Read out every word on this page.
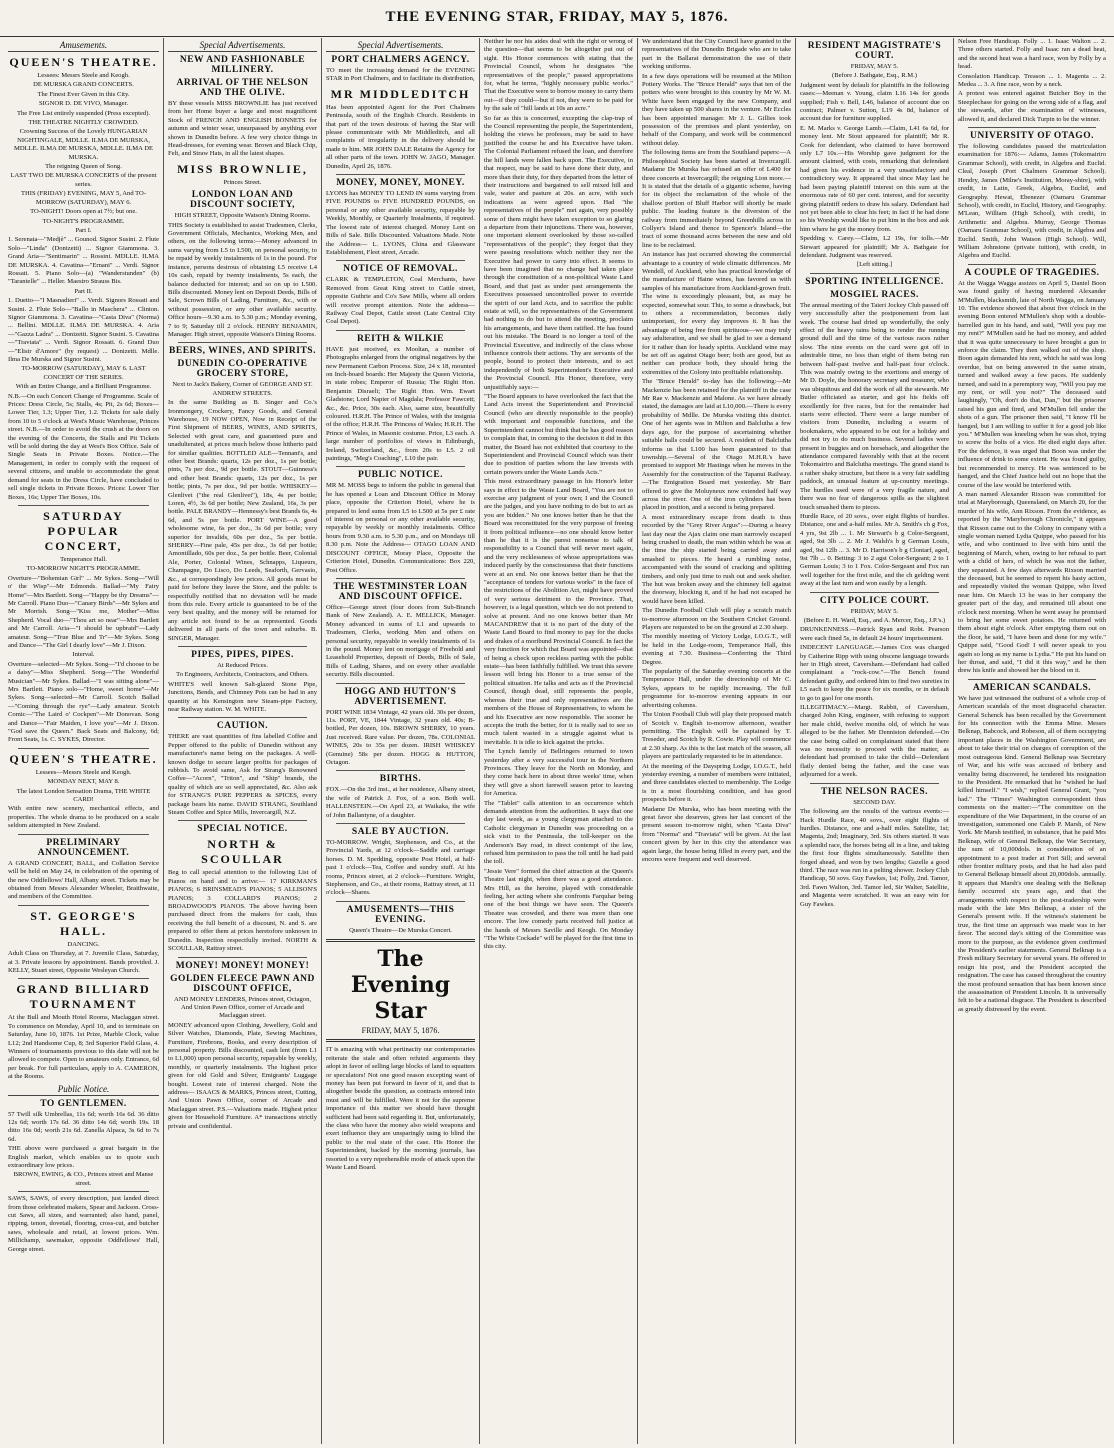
THE EVENING STAR, FRIDAY, MAY 5, 1876.
Amusements.
QUEEN'S THEATRE.
Lessees: Messrs Steele and Keogh.
DE MURSKA GRAND CONCERTS.
The Finest Ever Given in this City.
SIGNOR D. DE VIVO, Manager.
The Free List entirely suspended (Press excepted).
THE THEATRE NIGHTLY CROWDED.
Crowning Success of the Lovely HUNGARIAN NIGHTINGALE, MDLLE. ILMA DE MURSKA, MDLLE. ILMA DE MURSKA, MDLLE. ILMA DE MURSKA.
The reigning Queen of Song.
LAST TWO DE MURSKA CONCERTS of the present series.
THIS (FRIDAY) EVENING, MAY 5, And TO-MORROW (SATURDAY), MAY 6.
TO-NIGHT! Doors open at 7½; but one.
TO-NIGHT'S PROGRAMME.
Part I.
1. Serenata—"Medjè" ... Gounod. Signor Susini. 2. Flute Solo—"Linda" (Donizetti) ... Signor Giammona. 3. Grand Aria—"Sentimarin" ... Rossini. MDLLE. ILMA DE MURSKA. 4. Cavatina—"Ernani" ... Verdi. Signor Rossati. 5. Piano Solo—(a) "Wanderstunden" (b) "Tarantelle" ... Heller. Maestro Strauss Bis.
Part II.
1. Duetto—"I Masnadieri" ... Verdi. Signors Rossati and Susini. 2. Flute Solo—"Ballo in Maschera" ... Clinton. Signor Giammona. 3. Cavatina—"Casta Diva" (Norma) ... Bellini. MDLLE. ILMA DE MURSKA. 4. Aria—"Gazza Ladra" ... Donizetti. Signor Susini. 5. Cavatina—"Traviata" ... Verdi. Signor Rossati. 6. Grand Duo—"Elisir d'Amore" (by request) ... Donizetti. Mdlle. Ilma De Murska and Signor Susini.
TO-MORROW (SATURDAY), MAY 6. LAST CONCERT OF THE SERIES.
With an Entire Change, and a Brilliant Programme.
N.B.—On each Concert Change of Programme. Scale of Prices: Dress Circle, 5s; Stalls, 4s; Pit, 2s 6d; Boxes—Lower Tier, 1.3; Upper Tier, 1.2. Tickets for sale daily from 10 to 5 o'clock at West's Music Warehouse, Princes street. N.B.—In order to avoid the crush at the doors on the evening of the Concerts, the Stalls and Pit Tickets will be sold during the day at West's Box Office. Sale of Single Seats in Private Boxes. Notice.—The Management, in order to comply with the request of several citizens, and unable to accommodate the great demand for seats in the Dress Circle, have concluded to sell single tickets in Private Boxes. Prices: Lower Tier Boxes, 16s; Upper Tier Boxes, 10s.
SATURDAY POPULAR CONCERT,
Temperance Hall.
TO-MORROW NIGHT'S PROGRAMME.
Overture—"Bohemian Girl" ... Mr Sykes. Song—"Will o' the Wisp"—Mr Edmonds. Ballad—"My Fairy Home"—Mrs Bartlett. Song—"Happy be thy Dreams"—Mr Carroll. Piano Duo—"Canary Birds"—Mr Sykes and Mr Morrish. Song—"Kiss me, Mother"—Miss Shepherd. Vocal duo—"Thou art so near"—Mrs Bartlett and Mr Carroll. Aria—"I should be upbraid"—Lady amateur. Song—"True Blue and Tr"—Mr Sykes. Song and Dance—"The Girl I dearly love"—Mr J. Dixon.
Interval.
Overture—selected—Mr Sykes. Song—"I'd choose to be a daisy"—Miss Shepherd. Song—"The Wonderful Musician"—Mr Sykes. Ballad—"I was sitting alone"—Mrs Bartlett. Piano solo—"Home, sweet home"—Mr Sykes. Song—selected—Mr Carroll. Scotch Ballad—"Coming through the rye"—Lady amateur. Scotch Comic—"The Laird o' Cockpen"—Mr Donovan. Song and Dance—"Fair Maiden, I love you"—Mr J. Dixon. "God save the Queen." Back Seats and Balcony, 6d; Front Seats, 1s. C. SYKES, Director.
QUEEN'S THEATRE.
Lessees—Messrs Steele and Keogh.
MONDAY NEXT, MAY 8.
The latest London Sensation Drama, THE WHITE CARD!
With entire new scenery, mechanical effects, and properties. The whole drama to be produced on a scale seldom attempted in New Zealand.
PRELIMINARY ANNOUNCEMENT.
A GRAND CONCERT, BALL, and Collation Service will be held on May 24, in celebration of the opening of the new Oddfellows' Hall, Albany street. Tickets may be obtained from Messrs Alexander Wheeler, Braithwaite, and members of the Committee.
ST. GEORGE'S HALL.
DANCING.
Adult Class on Thursday, at 7. Juvenile Class, Saturday, at 3. Private lessons by appointment. Bands provided. J. KELLY, Stuart street, Opposite Wesleyan Church.
GRAND BILLIARD TOURNAMENT
At the Bull and Mouth Hotel Rooms, Maclaggan street. To commence on Monday, April 10, and to terminate on Saturday, June 10, 1876. 1st Prize, Marble Clock, value L12; 2nd Handsome Cup, 8; 3rd Superior Field Glass, 4. Winners of tournaments previous to this date will not be allowed to compete. Open to amateurs only. Entrance, 6d per break. For full particulars, apply to A. CAMERON, at the Rooms.
Public Notice.
TO GENTLEMEN.
57 Twill silk Umbrellas, 11s 6d; worth 16s 6d. 36 ditto 12s 6d; worth 17s 6d. 36 ditto 14s 6d; worth 19s. 18 ditto 16s 0d; worth 21s 6d. Zanella Alpaca, 3s 6d to 7s 6d.
THE above were purchased a great bargain in the English market, which enables us to quote such extraordinary low prices.
BROWN, EWING, & CO., Princes street and Manse street.
SAWS, SAWS, of every description, just landed direct from those celebrated makers, Spear and Jackson. Cross-cut Saws, all sizes, and warranted; also hand, panel, ripping, tenon, dovetail, flooring, cross-cut, and butcher saws, wholesale and retail, at lowest prices. Wm. Millichamp, sawmaker, opposite Oddfellows' Hall, George street.
Special Advertisements.
NEW AND FASHIONABLE MILLINERY.
ARRIVAL OF THE NELSON AND THE OLIVE.
BY these vessels MISS BROWNLIE has just received from her Home buyer a large and most magnificent Stock of FRENCH AND ENGLISH BONNETS for autumn and winter wear, unsurpassed by anything ever shown in Dunedin before. A few very choice things in Head-dresses, for evening wear. Brown and Black Chip, Felt, and Straw Hats, in all the latest shapes.
MISS BROWNLIE,
Princes Street.
LONDON LOAN AND DISCOUNT SOCIETY,
HIGH STREET, Opposite Watson's Dining Rooms.
THIS Society is established to assist Tradesmen, Clerks, Government Officials, Mechanics, Working Men, and others, on the following terms:—Money advanced in sums varying from L5 to L500, on personal security, to be repaid by weekly instalments of 1s in the pound. For instance, persons desirous of obtaining L5 receive L4 10s cash, repaid by twenty instalments, 5s each, the balance deducted for interest; and so on up to L500. Bills discounted. Money lent on Deposit Deeds, Bills of Sale, Scrown Bills of Lading, Furniture, &c., with or without possession, or any other available security. Office hours—9.30 a.m. to 5.30 p.m.; Monday evening, 7 to 9; Saturday till 2 o'clock. HENRY BENJAMIN, Manager. High street, opposite Watson's Dining Rooms.
BEERS, WINES, AND SPIRITS.
DUNEDIN CO-OPERATIVE GROCERY STORE,
Next to Jack's Bakery, Corner of GEORGE AND ST. ANDREW STREETS.
In the same Building as B. Singer and Co.'s Ironmongery, Crockery, Fancy Goods, and General Warehouse, 19 NOW OPEN, Now in Receipt of the First Shipment of BEERS, WINES, AND SPIRITS, Selected with great care, and guaranteed pure and unadulterated, at prices much below those hitherto paid for similar qualities. BOTTLED ALE—Tennant's, and other best Brands: quarts, 12s per doz., 1s per bottle; pints, 7s per doz., 9d per bottle. STOUT—Guinness's and other best Brands: quarts, 12s per doz., 1s per bottle; pints, 7s per doz., 9d per bottle. WHISKEY—Glenlivet ("the real Glenlivet"), 18s, 4s per bottle; Loren, 4½, 3s 6d per bottle; New Zealand, 16s, 3s per bottle. PALE BRANDY—Hennessy's best Brands 6s, 4s 6d, and 5s per bottle. PORT WINE—A good wholesome wine, 6s per doz., 3s 6d per bottle; very superior for invalids, 60s per doz., 5s per bottle. SHERRY—Fine pale, 45s per doz., 3s 6d per bottle; Amontillado, 60s per doz., 5s per bottle. Beer, Colonial Ale, Porter, Colonial Wines, Schnapps, Liqueurs, Champagne, Do Lisco, Do Leeds, Seaforth, Gervasio, &c., at correspondingly low prices. All goods must be paid for before they leave the Store, and the public is respectfully notified that no deviation will be made from this rule. Every article is guaranteed to be of the very best quality, and the money will be returned for any article not found to be as represented. Goods delivered in all parts of the town and suburbs. B. SINGER, Manager.
PIPES, PIPES, PIPES.
At Reduced Prices.
To Engineers, Architects, Contractors, and Others.
WHITE'S well known Salt-glazed Stone Pipe, Junctions, Bends, and Chimney Pots can be had in any quantity at his Kensington new Steam-pipe Factory, near Railway station. W. M. WHITE.
CAUTION.
THERE are vast quantities of fins labelled Coffee and Pepper offered to the public of Dunedin without any manufacturer's name being on the packages. A well-known dodge to secure larger profits for packages of rubbish. To avoid same, Ask for Strang's Renowned Coffee—"Acorn", "Triton", and "Ship" brands, the quality of which are so well appreciated, &c. Also ask for STRANG'S PURE PEPPERS & SPICES, every package bears his name. DAVID STRANG, Southland Steam Coffee and Spice Mills, Invercargill, N.Z.
SPECIAL NOTICE.
NORTH & SCOULLAR
Beg to call special attention to the following List of Pianos on hand and to arrive:— 17 KIRKMAN'S PIANOS; 6 BRINSMEAD'S PIANOS; 5 ALLISON'S PIANOS; 3 COLLARD'S PIANOS; 2 BROADWOOD'S PIANOS. The above having been purchased direct from the makers for cash, thus receiving the full benefit of a discount, N. and S. are prepared to offer them at prices heretofore unknown in Dunedin. Inspection respectfully invited. NORTH & SCOULLAR, Rattray street.
MONEY! MONEY! MONEY!
GOLDEN FLEECE PAWN AND DISCOUNT OFFICE,
AND MONEY LENDERS, Princes street, Octagon, And Union Pawn Office, corner of Arcade and Maclaggan street.
MONEY advanced upon Clothing, Jewellery, Gold and Silver Watches, Diamonds, Plate, Sewing Machines, Furniture, Firebrons, Books, and every description of personal property. Bills discounted, cash lent (from L1 to L1,000) upon personal security, repayable by weekly, monthly, or quarterly instalments. The highest price given for old Gold and Silver, Emigrants' Luggage bought. Lowest rate of interest charged. Note the address— ISAACS & MARKS, Princes street, Cutting, And Union Pawn Office, corner of Arcade and Maclaggan street. P.S.—Valuations made. Highest price given for Household Furniture. A* transactions strictly private and confidential.
Special Advertisements.
PORT CHALMERS AGENCY.
TO meet the increasing demand for the EVENING STAR in Port Chalmers, and to facilitate its distribution,
MR MIDDLEDITCH
Has been appointed Agent for the Port Chalmers Peninsula, south of the English Church. Residents in that part of the town desirous of having the Star will please communicate with Mr Middleditch, and all complaints of irregularity in the delivery should be made to him. MR JOHN DALE Retains the Agency for all other parts of the town. JOHN W. JAGO, Manager. Dunedin, April 26, 1876.
MONEY, MONEY, MONEY.
LYONS has MONEY TO LEND IN sums varying from FIVE POUNDS to FIVE HUNDRED POUNDS, on personal or any other available security, repayable by Weekly, Monthly, or Quarterly Instalments, if required. The lowest rate of interest charged. Money Lent on Bills of Sale. Bills Discounted. Valuations Made. Note the Address— L. LYONS, China and Glassware Establishment, Fleet street, Arcade.
NOTICE OF REMOVAL.
CLARK & TEMPLETON, Coal Merchants, have Removed from Great King street to Cattle street, opposite Guthrie and Co's Saw Mills, where all orders will receive prompt attention. Note the address— Railway Coal Depot, Cattle street (Late Central City Coal Depot).
REITH & WILKIE
HAVE just received, ex Mooltan, a number of Photographs enlarged from the original negatives by the new Permanent Carbon Process. Size, 24 x 18, mounted on Inch-board boards: Her Majesty the Queen Victoria, in state robes; Emperor of Russia; The Right Hon. Benjamin Disraeli; The Right Hon. Wm. Ewart Gladstone; Lord Napier of Magdala; Professor Fawcett; &c., &c. Price, 30s each. Also, same size, beautifully coloured. H.R.H. The Prince of Wales, with the insignia of the office; H.R.H. The Princess of Wales; H.R.H. The Prince of Wales, in Masonic costume. Price, L3 each. A large number of portfolios of views in Edinburgh, Ireland, Switzerland, &c., from 20s to L5. 2 oil paintings, "Meg's Coaching", L10 the pair.
PUBLIC NOTICE.
MR M. MOSS begs to inform the public in general that he has opened a Loan and Discount Office in Moray place, opposite the Criterion Hotel, where he is prepared to lend sums from L5 to L500 at 5s per £ rate of interest on personal or any other available security, repayable by weekly or monthly instalments. Office hours from 9.30 a.m. to 5.30 p.m., and on Mondays till 8.30 p.m. Note the Address— OTAGO LOAN AND DISCOUNT OFFICE, Moray Place, Opposite the Criterion Hotel, Dunedin. Communications: Box 220, Post Office.
THE WESTMINSTER LOAN AND DISCOUNT OFFICE.
Office—George street (four doors from Sub-Branch Bank of New Zealand). A. E. MELLICK, Manager. Money advanced in sums of L1 and upwards to Tradesmen, Clerks, working Men and others on personal security, repayable in weekly instalments of 1s in the pound. Money lent on mortgage of Freehold and Leasehold Properties, deposit of Deeds, Bills of Sale, Bills of Lading, Shares, and on every other available security. Bills discounted.
HOGG AND HUTTON'S ADVERTISEMENT.
PORT WINE 1834 Vintage, 42 years old. 30s per dozen, 11s. PORT, VE, 1844 Vintage, 32 years old. 40s; B-bottled, Per dozen, 10s. BROWN SHERRY, 10 years. Just received. Rare value. Per dozen, 78s. COLONIAL WINES, 20s to 35s per dozen. IRISH WHISKEY (Genuine) 58s per dozen. HOGG & HUTTON, Octagon.
BIRTHS.
FOX.—On the 3rd inst., at her residence, Albany street, the wife of Patrick J. Fox, of a son. Both well. HALLENSTEIN.—On April 23, at Waikaka, the wife of John Ballantyne, of a daughter.
SALE BY AUCTION.
TO-MORROW. Wright, Stephenson, and Co., at the Provincial Yards, at 12 o'clock—Saddle and carriage horses. D. M. Spedding, opposite Post Hotel, at half-past 1 o'clock—Tea, Coffee and sundry stuff. At his rooms, Princes street, at 2 o'clock—Furniture. Wright, Stephenson, and Co., at their rooms, Rattray street, at 11 o'clock—Shares.
AMUSEMENTS—THIS EVENING.
Queen's Theatre—De Murska Concert.
The Evening Star
FRIDAY, MAY 5, 1876.
IT is amazing with what pertinacity our contemporaries reiterate the stale and often refuted arguments they adopt in favor of selling large blocks of land to squatters or speculators! Not one good reason excepting want of money has been put forward in favor of it, and that is altogether beside the question, as contracts entered into must and will be fulfilled. Were it not for the supreme importance of this matter we should have thought sufficient had been said regarding it. But, unfortunately, the class who have the money also wield weapons and exert influence they are unsparingly using to blind the public to the real state of the case. His Honor the Superintendent, backed by the morning journals, has resorted to a very reprehensible mode of attack upon the Waste Land Board.
Neither he nor his aides deal with the right or wrong of the question—that seems to be altogether put out of sight. His Honor commences with stating that the Provincial Council, whom he designates "the representatives of the people," passed appropriations for, what he terms, "highly necessary public works." That the Executive were to borrow money to carry them out—if they could—but if not, they were to be paid for by the sale of "hill lands at 10s an acre."
So far as this is concerned, excepting the clap-trap of the Council representing the people, the Superintendent, holding the views he professes, may be said to have justified the course he and his Executive have taken. The Colonial Parliament refused the loan, and therefore the hill lands were fallen back upon. The Executive, in that respect, may be said to have done their duty, and more than their duty, for they departed from the letter of their instructions and bargained to sell mixed hill and vale, water and pasture at 20s. an acre, with such indications as were agreed upon. Had "the representatives of the people" met again, very possibly some of them might have taken exception to so glaring a departure from their injunctions. There was, however, one important element overlooked by those so-called "representatives of the people"; they forgot that they were passing resolutions which neither they nor the Executive had power to carry into effect. It seems to have been imagined that no change had taken place through the constitution of a non-political Waste Land Board, and that just as under past arrangements the Executives possessed uncontrolled power to override the spirit of our land Acts, and to sacrifice the public estate at will, so the representatives of the Government had nothing to do but to attend the meeting, proclaim his arrangements, and have them ratified. He has found out his mistake. The Board is no longer a tool of the Provincial Executive, and indirectly of the class whose influence controls their actions. Thy are servants of the people, bound to protect their interests, and to act independently of both Superintendent's Executive and the Provincial Council. His Honor, therefore, very unjustifiably says:—
"The Board appears to have overlooked the fact that the Land Acts invest the Superintendent and Provincial Council (who are directly responsible to the people) with important and responsible functions, and the Superintendent cannot but think that he has good reason to complain that, in coming to the decision it did in this matter, the Board has not exhibited that courtesy to the Superintendent and Provincial Council which was their due to position of parties whom the law invests with certain powers under the Waste Lands Acts."
This most extraordinary passage in his Honor's letter says in effect to the Waste Land Board, "You are not to exercise any judgment of your own; I and the Council are the judges, and you have nothing to do but to act as you are bidden." No one knows better than he that the Board was reconstituted for the very purpose of freeing it from political influence—no one should know better than he that it is the purest nonsense to talk of responsibility to a Council that will never meet again, and the very recklessness of whose appropriations was induced partly by the consciousness that their functions were at an end. No one knows better than he that the "acceptance of tenders for various works" in the face of the restrictions of the Abolition Act, might have proved of very serious detriment to the Province. That, however, is a legal question, which we do not pretend to solve at present. And no one knows better than Mr MACANDREW that it is no part of the duty of the Waste Land Board to find money to pay for the ducks and drakes of a moribund Provincial Council. In fact the very function for which that Board was appointed—that of being a check upon reckless parting with the public estate—has been faithfully fulfilled. We trust this severe lesson will bring his Honor to a true sense of the political situation. He talks and acts as if the Provincial Council, though dead, still represents the people, whereas their true and only representatives are the members of the House of Representatives, to whom he and his Executive are now responsible. The sooner he accepts the truth the better, for it is really sad to see so much talent wasted in a struggle against what is inevitable. It is idle to kick against the pricks.
The Lynch family of Bellringers returned to town yesterday after a very successful tour in the Northern Provinces. They leave for the North on Monday, and they come back here in about three weeks' time, when they will give a short farewell season prior to leaving for America.
The "Tablet" calls attention to an occurrence which demands attention from the authorities. It says that one day last week, as a young clergyman attached to the Catholic clergyman in Dunedin was proceeding on a sick visit to the Peninsula, the toll-keeper on the Anderson's Bay road, in direct contempt of the law, refused him permission to pass the toll until he had paid the toll.
"Jessie Vere" formed the chief attraction at the Queen's Theatre last night, when there was a good attendance. Mrs Hill, as the heroine, played with considerable feeling, her acting where she confronts Farquhar being one of the best things we have seen. The Queen's Theatre was crowded, and there was more than one encore. The low comedy parts received full justice at the hands of Messrs Saville and Keogh. On Monday "The White Cockade" will be played for the first time in this city.
We understand that the City Council have granted to the representatives of the Dunedin Brigade who are to take part in the Ballarat demonstration the use of their working uniforms.
In a few days operations will be resumed at the Milton Pottery Works. The "Bruce Herald" says that ten of the potters who were brought to this country by Mr W. M. White have been engaged by the new Company, and they have taken up 500 shares in the venture. Mr Eccles has been appointed manager. Mr J. L. Gillies took possession of the premises and plant yesterday, on behalf of the Company, and work will be commenced without delay.
The following items are from the Southland papers:—A Philosophical Society has been started at Invercargill. Madame De Murska has refused an offer of L400 for three concerts at Invercargill; the reigning Lion more.—It is stated that the details of a gigantic scheme, having for its object the reclamation of the whole of the shallow portion of Bluff Harbor will shortly be made public. The leading feature is the diversion of the railway from immediately beyond Greenhills across to Collyer's Island and thence to Spencer's Island—the tract of some thousand acres between the new and old line to be reclaimed.
An instance has just occurred showing the commercial advantage to a country of wide climatic differences. Mr Wendell, of Auckland, who has practical knowledge of the manufacture of Haine wines, has favored us with samples of his manufacture from Auckland-grown fruit. The wine is exceedingly pleasant, but, as may be expected, somewhat sour. This, to some a drawback, but to others a recommendation, becomes daily unimportant, for every day improves it. It has the advantage of being free from spirituous—we may truly say adulteration, and we shall be glad to see a demand for it rather than for heady spirits. Auckland wine may be set off as against Otago beer; both are good, but as neither can produce both, they should bring the extremities of the Colony into profitable relationship.
The "Bruce Herald" to-day has the following:—Mr Mackenzie has been retained for the plaintiff in the case Mr Rae v. Mackenzie and Malone. As we have already stated, the damages are laid at L10,000.—There is every probability of Mdlle. De Murska visiting this district. One of her agents was in Milton and Balclutha a few days ago, for the purpose of ascertaining whether suitable halls could be secured. A resident of Balclutha informs us that L100 has been guaranteed to that township.—Several of the Otago M.H.R.'s have promised to support Mr Hastings when he moves in the Assembly for the construction of the Tapanui Railway.—The Emigration Board met yesterday. Mr Barr offered to give the Moluyneux now extended half way across the river. One of the iron cylinders has been placed in position, and a second is being prepared.
A most extraordinary escape from death is thus recorded by the "Grey River Argus":—During a heavy last day near the Ajax claim one man narrowly escaped being crushed to death, the man within which he was at the time the ship started being carried away and smashed to pieces. He heard a rumbling noise, accompanied with the sound of cracking and splitting timbers, and only just time to rush out and seek shelter. The hut was broken away and the chimney fell against the doorway, blocking it, and if he had not escaped he would have been killed.
The Dunedin Football Club will play a scratch match to-morrow afternoon on the Southern Cricket Ground. Players are requested to be on the ground at 2.30 sharp.
The monthly meeting of Victory Lodge, I.O.G.T., will be held in the Lodge-room, Temperance Hall, this evening at 7.30. Business—Conferring the Third Degree.
The popularity of the Saturday evening concerts at the Temperance Hall, under the directorship of Mr C. Sykes, appears to be rapidly increasing. The full programme for to-morrow evening appears in our advertising columns.
The Union Football Club will play their proposed match of Scotch v. English to-morrow afternoon, weather permitting. The English will be captained by T. Treseder, and Scotch by R. Cowie. Play will commence at 2.30 sharp. As this is the last match of the season, all players are particularly requested to be in attendance.
At the meeting of the Dayspring Lodge, I.O.G.T., held yesterday evening, a number of members were initiated, and three candidates elected to membership. The Lodge is in a most flourishing condition, and has good prospects before it.
Madame De Murska, who has been meeting with the great favor she deserves, gives her last concert of the present season to-morrow night, when "Casta Diva" from "Norma" and "Traviata" will be given. At the last concert given by her in this city the attendance was again large, the house being filled in every part, and the encores were frequent and well deserved.
RESIDENT MAGISTRATE'S COURT.
FRIDAY, MAY 5.
(Before J. Bathgate, Esq., R.M.)
Judgment went by default for plaintiffs in the following cases:—Meenan v. Young, claim L16 14s for goods supplied; Fish v. Bell, L46, balance of account due on contract; Palmer v. Sutton, L19 4s 8d, balance of account due for furniture supplied.
E. M. Marks v. George Lamb.—Claim, L41 6s 6d, for money lent. Mr Stout appeared for plaintiff; Mr R. Cook for defendant, who claimed to have borrowed only L7 10s.—His Worship gave judgment for the amount claimed, with costs, remarking that defendant had given his evidence in a very unsatisfactory and contradictory way. It appeared that since May last he had been paying plaintiff interest on this sum at the enormous rate of 60 per cent. interest, and for security giving plaintiff orders to draw his salary. Defendant had not yet been able to clear his feet; in fact if he had done so his Worship would like to put him in the box and ask him where he got the money from.
Spedding v. Carey.—Claim, L2 19s, for tolls.—Mr Stewart appeared for plaintiff; Mr A. Bathgate for defendant. Judgment was reserved.
[Left sitting.]
SPORTING INTELLIGENCE.
MOSGIEL RACES.
The annual meeting of the Taieri Jockey Club passed off very successfully after the postponement from last week. The course had dried up wonderfully, the only effect of the heavy rains being to render the running ground dull and the time of the various races rather slow. The nine events on the card were got off in admirable time, no less than eight of them being run between half-past twelve and half-past four o'clock. This was mainly owing to the exertions and energy of Mr D. Doyle, the honorary secretary and treasurer, who was ubiquitous and did the work of all the stewards. Mr Butler officiated as starter, and got his fields off excellently for five races, but for the remainder had starts were effected. There were a large number of visitors from Dunedin, including a swarm of bookmakers, who appeared to be out for a holiday and did not try to do much business. Several ladies were present in buggies and on horseback, and altogether the attendance compared favorably with that at the recent Tokomairiro and Balclutha meetings. The grand stand is a rather shaky structure, but there is a very fair saddling paddock, an unusual feature at up-country meetings. The hurdles used were of a very fragile nature, and there was no fear of dangerous spills as the slightest touch smashed them to pieces.
Hurdle Race, of 20 sovs., over eight flights of hurdles. Distance, one and a-half miles. Mr A. Smith's ch g Fox, 4 yrs, 9st 2lb ... 1. Mr Stewart's b g Color-Sergeant, aged, 9st 3lb ... 2. Mr J. Walsh's b g German Louis, aged, 9st 12lb ... 3. Mr D. Harrison's b g Clontarf, aged, 9st 7lb ... 0. Betting: 3 to 2 agst Color-Sergeant; 2 to 1 German Louis; 3 to 1 Fox. Color-Sergeant and Fox ran well together for the first mile, and the ch gelding went away at the last turn and won easily by a length.
CITY POLICE COURT.
FRIDAY, MAY 5.
(Before E. H. Ward, Esq., and A. Mercer, Esq., J.P.'s.)
DRUNKENNESS.—Patrick Ryan and Robt. Pearson were each fined 5s, in default 24 hours' imprisonment.
INDECENT LANGUAGE.—James Cox was charged by Catherine Ripp with using obscene language towards her in High street, Caversham.—Defendant had called complainant a "rock-cow."—The Bench found defendant guilty, and ordered him to find two sureties in L5 each to keep the peace for six months, or in default to go to gaol for one month.
ILLEGITIMACY.—Margt. Rabbit, of Caversham, charged John King, engineer, with refusing to support her male child, twelve months old, of which he was alleged to be the father. Mr Denniston defended.—On the case being called on complainant stated that there was no necessity to proceed with the matter, as defendant had promised to take the child—Defendant flatly denied being the father, and the case was adjourned for a week.
THE NELSON RACES.
SECOND DAY.
The following are the results of the various events:— Hack Hurdle Race, 40 sovs., over eight flights of hurdles. Distance, one and a-half miles. Satellite, 1st; Magenta, 2nd; Imaginary, 3rd. Six others started. It was a splendid race, the horses being all in a line, and taking the first four flights simultaneously. Satellite then forged ahead, and won by two lengths; Gazelle a good third. The race was run in a pelting shower. Jockey Club Handicap, 50 sovs. Guy Fawkes, 1st; Folly, 2nd. Tamor, 3rd. Fawn Walton, 3rd. Tamor led, Sir Walter, Satellite, and Magenta were scratched. It was an easy win for Guy Fawkes.
Nelson Free Handicap. Folly ... 1. Isaac Walton ... 2. Three others started. Folly and Isaac ran a dead heat, and the second heat was a hard race, won by Folly by a head.
Consolation Handicap. Treason ... 1. Magenta ... 2. Medea ... 3. A fine race, won by a neck.
A protest was entered against Butcher Boy in the Steeplechase for going on the wrong side of a flag, and the stewards, after the examination of witnesses, allowed it, and declared Dick Turpin to be the winner.
UNIVERSITY OF OTAGO.
The following candidates passed the matriculation examination for 1876:— Adams, James (Tokomairiro Grammar School), with credit, in Algebra and Euclid. Cleal, Joseph (Port Chalmers Grammar School). Hendry, James (Milne's Institution, Moray-shire), with credit, in Latin, Greek, Algebra, Euclid, and Geography. Hewat, Ebenezer (Oamaru Grammar School), with credit, in Euclid, History, and Geography. M'Lean, William (High School), with credit, in Arithmetic and Algebra. Murray, George Thomas (Oamaru Grammar School), with credit, in Algebra and Euclid. Smith, John Watson (High School). Will, William Johnstone (private tuition), with credit, in Algebra and Euclid.
A COUPLE OF TRAGEDIES.
At the Wagga Wagga assizes on April 5, Daniel Boon was found guilty of having murdered Alexander M'Mullen, blacksmith, late of North Wagga, on January 10. The evidence showed that about five o'clock in the evening Boon entered M'Mullen's shop with a double-barrelled gun in his hand, and said, "Will you pay me my rent?" M'Mullen said he had no money, and added that it was quite unnecessary to have brought a gun to enforce the claim. They then walked out of the shop. Boon again demanded his rent, which he said was long overdue, but on being answered in the same strain, turned and walked away a few paces. He suddenly turned, and said in a peremptory way, "Will you pay me my rent, or will you not?" The deceased said laughingly, "Oh, don't do that, Dan," but the prisoner raised his gun and fired, and M'Mullen fell under the shots of a gun. The prisoner then said, "I know I'll be hanged, but I am willing to suffer it for a good job like you." M'Mullen was kneeling when he was shot, trying to screw the bolts of a vice. He died eight days after. For the defence, it was urged that Boon was under the influence of drink to some extent. He was found guilty, but recommended to mercy. He was sentenced to be hanged, and the Chief Justice held out no hope that the course of the law would be interfered with.
A man named Alexander Rixson was committed for trial at Maryborough, Queensland, on March 20, for the murder of his wife, Ann Rixson. From the evidence, as reported by the "Maryborough Chronicle," it appears that Rixson came out to the Colony in company with a single woman named Lydia Quippe, who passed for his wife, and who continued to live with him until the beginning of March, when, owing to her refusal to part with a child of hers, of which he was not the father, they separated. A few days afterwards Rixson married the deceased, but he seemed to repent his hasty action, and repeatedly visited the woman Quippe, who lived near him. On March 13 he was in her company the greater part of the day, and remained till about one o'clock next morning. When he went away he promised to bring her some sweet potatoes. He returned with them about eight o'clock. After emptying them out on the floor, he said, "I have been and done for my wife." Quippe said, "Good God! I will never speak to you again so long as my name is Lydia." He put his hand on her throat, and said, "I did it this way," and he then drew his knife and showed her the blood on it.
AMERICAN SCANDALS.
We have just witnessed the outburst of a whole crop of American scandals of the most disgraceful character. General Schenck has been recalled by the Government for his connection with the Emma Mine. Messrs Belknap, Babcock, and Robeson, all of them occupying important places in the Washington Government, are about to take their trial on charges of corruption of the most outrageous kind. General Belknap was Secretary of War, and his wife was accused of bribery and venality being discovered, he tendered his resignation to the President. He remarked that he "wished he had killed himself." "I wish," replied General Grant, "you had." The "Times" Washington correspondent thus comments on the matter:—"The committee on the expenditure of the War Department, in the course of an investigation, summoned one Caleb P. Marsh, of New York. Mr Marsh testified, in substance, that he paid Mrs Belknap, wife of General Belknap, the War Secretary, the sum of 10,000dols. in consideration of an appointment to a post trader at Fort Sill; and several other frontier military posts, and that he had also paid to General Belknap himself about 20,000dols. annually. It appears that Marsh's one dealing with the Belknap family occurred six years ago, and that the arrangements with respect to the post-tradership were made with the late Mrs Belknap, a sister of the General's present wife. If the witness's statement be true, the first time an approach was made was in her favor. The second day's sitting of the Committee was more to the purpose, as the evidence given confirmed the President's earlier statements. General Belknap is a Fresh military Secretary for several years. He offered to resign his post, and the President accepted the resignation. The case has caused throughout the country the most profound sensation that has been known since the assassination of President Lincoln. It is universally felt to be a national disgrace. The President is described as greatly distressed by the event.
